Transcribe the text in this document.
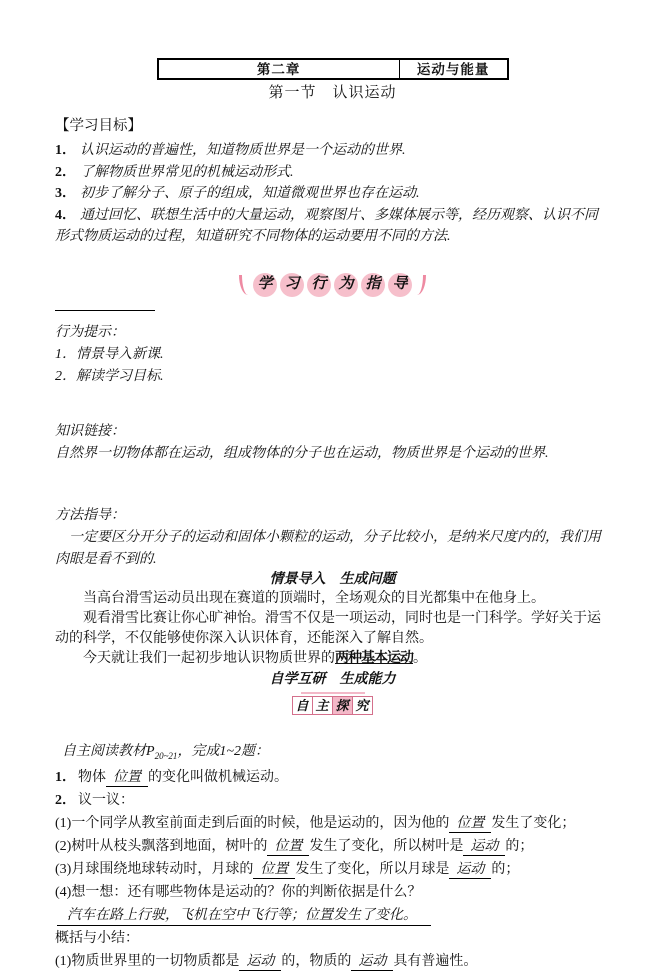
第二章	运动与能量
第一节　认识运动
【学习目标】
1． 认识运动的普遍性，知道物质世界是一个运动的世界.
2． 了解物质世界常见的机械运动形式.
3． 初步了解分子、原子的组成，知道微观世界也存在运动.
4． 通过回忆、联想生活中的大量运动，观察图片、多媒体展示等，经历观察、认识不同形式物质运动的过程，知道研究不同物体的运动要用不同的方法.
学 习 行 为 指 导
行为提示：
1．情景导入新课.
2．解读学习目标.
知识链接：
自然界一切物体都在运动，组成物体的分子也在运动，物质世界是个运动的世界.
方法指导：
一定要区分开分子的运动和固体小颗粒的运动，分子比较小，是纳米尺度内的，我们用肉眼是看不到的.
情景导入　生成问题

当高台滑雪运动员出现在赛道的顶端时，全场观众的目光都集中在他身上。

观看滑雪比赛让你心旷神怡。滑雪不仅是一项运动，同时也是一门科学。学好关于运动的科学，不仅能够使你深入认识体育，还能深入了解自然。

今天就让我们一起初步地认识物质世界的两种基本运动。

自学互研　生成能力
自 主 探 究
自主阅读教材$P_{20\sim 21}$，完成1~2题：
1． 物体 位置 的变化叫做机械运动。
2． 议一议：
(1)一个同学从教室前面走到后面的时候，他是运动的，因为他的 位置 发生了变化；
(2)树叶从枝头飘落到地面，树叶的 位置 发生了变化，所以树叶是 运动 的；
(3)月球围绕地球转动时，月球的 位置 发生了变化，所以月球是 运动 的；
(4)想一想：还有哪些物体是运动的？你的判断依据是什么？
汽车在路上行驶，飞机在空中飞行等；位置发生了变化。
概括与小结：
(1)物质世界里的一切物质都是 运动 的，物质的 运动 具有普遍性。
